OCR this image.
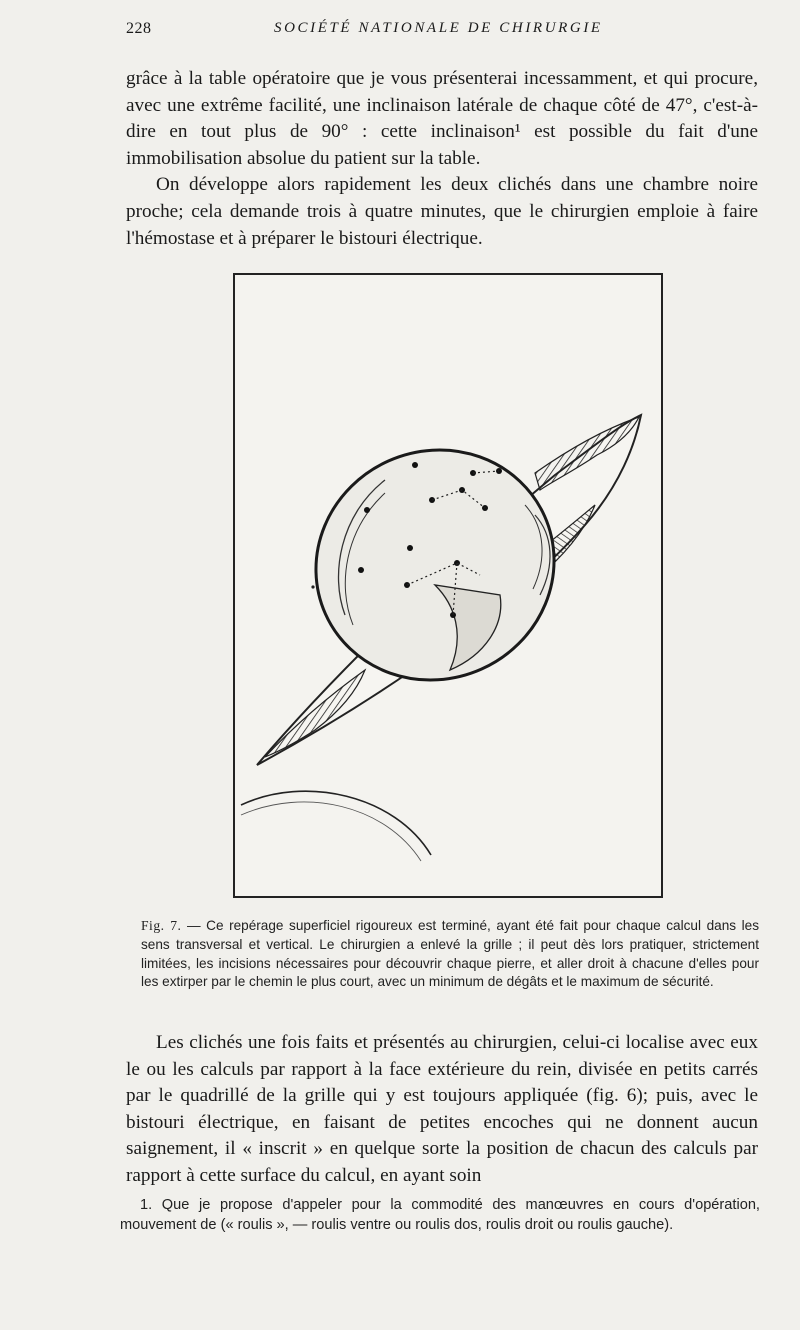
228	SOCIÉTÉ NATIONALE DE CHIRURGIE

grâce à la table opératoire que je vous présenterai incessamment, et qui procure, avec une extrême facilité, une inclinaison latérale de chaque côté de 47°, c'est-à-dire en tout plus de 90° : cette inclinaison¹ est possible du fait d'une immobilisation absolue du patient sur la table.

On développe alors rapidement les deux clichés dans une chambre noire proche; cela demande trois à quatre minutes, que le chirurgien emploie à faire l'hémostase et à préparer le bistouri électrique.

Fig. 7. — Ce repérage superficiel rigoureux est terminé, ayant été fait pour chaque calcul dans les sens transversal et vertical. Le chirurgien a enlevé la grille ; il peut dès lors pratiquer, strictement limitées, les incisions nécessaires pour découvrir chaque pierre, et aller droit à chacune d'elles pour les extirper par le chemin le plus court, avec un minimum de dégâts et le maximum de sécurité.

Les clichés une fois faits et présentés au chirurgien, celui-ci localise avec eux le ou les calculs par rapport à la face extérieure du rein, divisée en petits carrés par le quadrillé de la grille qui y est toujours appliquée (fig. 6); puis, avec le bistouri électrique, en faisant de petites encoches qui ne donnent aucun saignement, il « inscrit » en quelque sorte la position de chacun des calculs par rapport à cette surface du calcul, en ayant soin

1. Que je propose d'appeler pour la commodité des manœuvres en cours d'opération, mouvement de (« roulis », — roulis ventre ou roulis dos, roulis droit ou roulis gauche).
